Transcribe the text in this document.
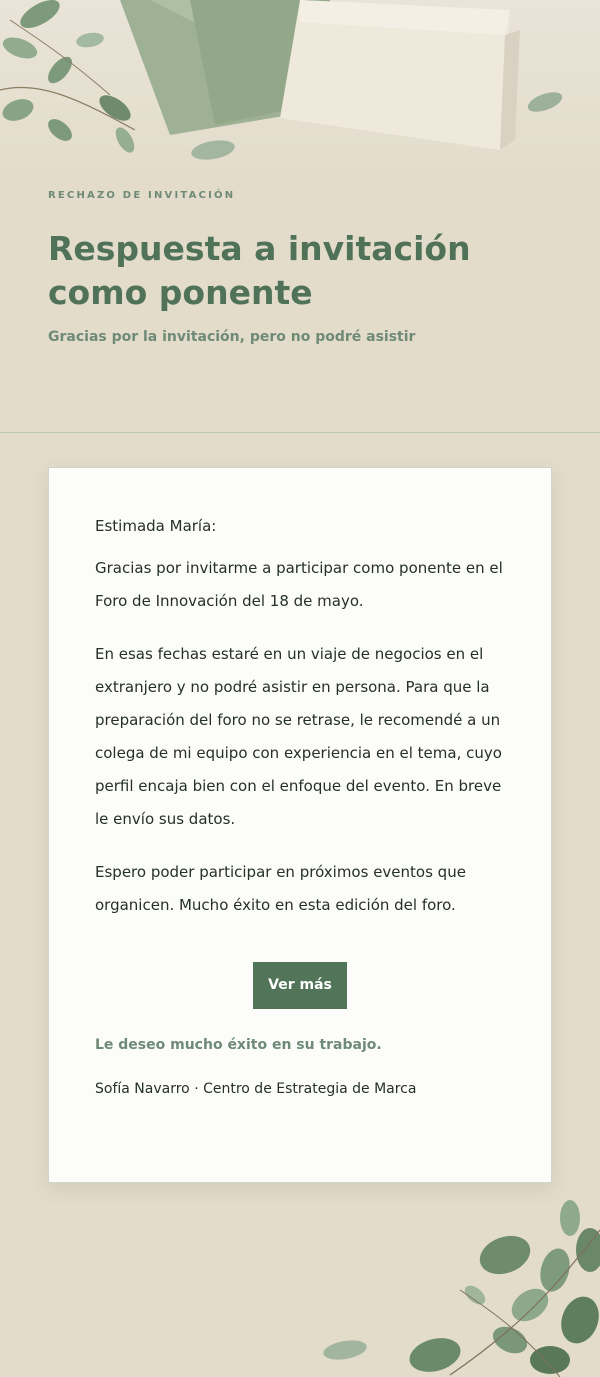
RECHAZO DE INVITACIÓN
Respuesta a invitación como ponente
Gracias por la invitación, pero no podré asistir
Estimada María:

Gracias por invitarme a participar como ponente en el Foro de Innovación del 18 de mayo.

En esas fechas estaré en un viaje de negocios en el extranjero y no podré asistir en persona. Para que la preparación del foro no se retrase, le recomendé a un colega de mi equipo con experiencia en el tema, cuyo perfil encaja bien con el enfoque del evento. En breve le envío sus datos.

Espero poder participar en próximos eventos que organicen. Mucho éxito en esta edición del foro.

Ver más
Le deseo mucho éxito en su trabajo.
Sofía Navarro · Centro de Estrategia de Marca
